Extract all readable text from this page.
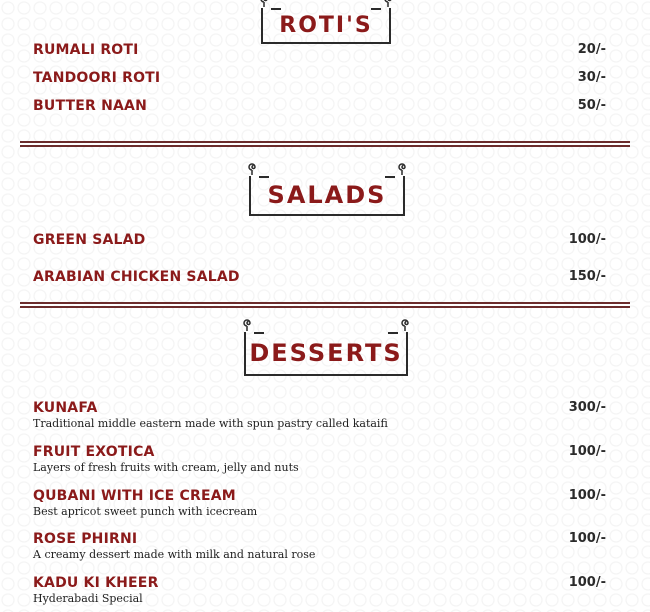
ROTI'S
RUMALI ROTI	20/-
TANDOORI ROTI	30/-
BUTTER NAAN	50/-
SALADS
GREEN SALAD	100/-
ARABIAN CHICKEN SALAD	150/-
DESSERTS
KUNAFA	300/-
Traditional middle eastern made with spun pastry called kataifi
FRUIT EXOTICA	100/-
Layers of fresh fruits with cream, jelly and nuts
QUBANI WITH ICE CREAM	100/-
Best apricot sweet punch with icecream
ROSE PHIRNI	100/-
A creamy dessert made with milk and natural rose
KADU KI KHEER	100/-
Hyderabadi Special
